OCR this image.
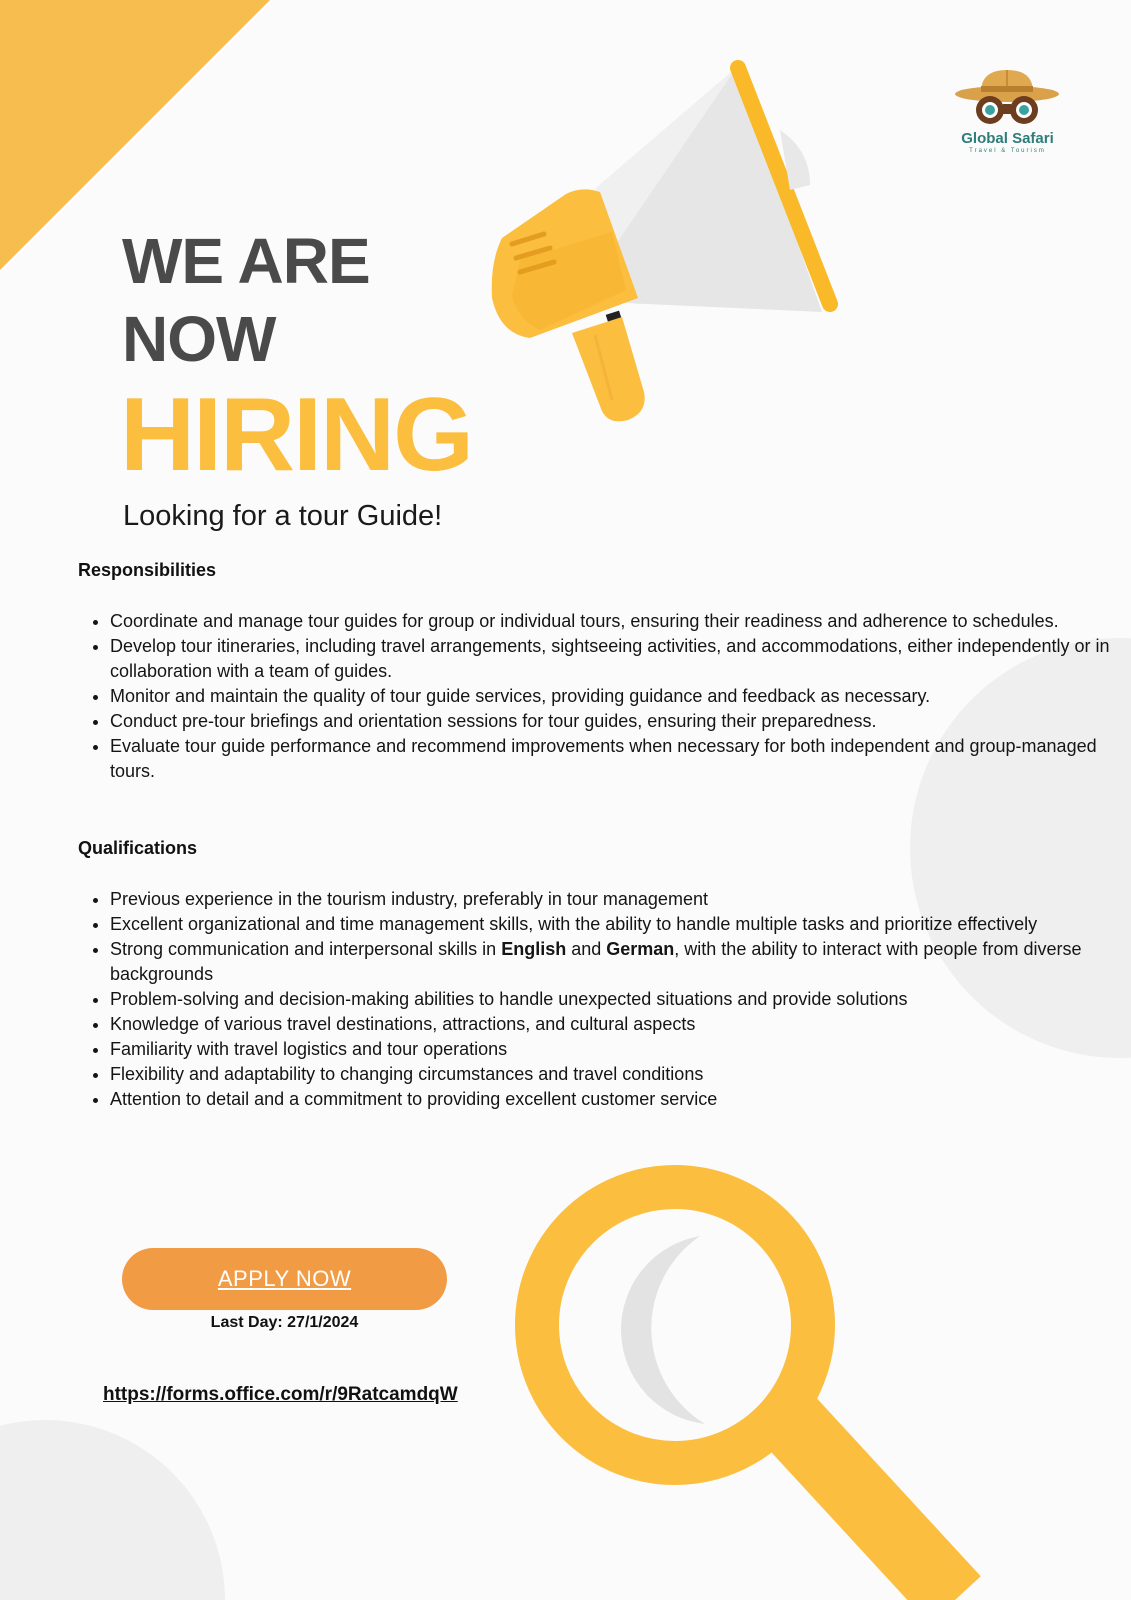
Global Safari
Travel & Tourism
WE ARE
NOW
HIRING
Looking for a tour Guide!
Responsibilities
• Coordinate and manage tour guides for group or individual tours, ensuring their readiness and adherence to schedules.
• Develop tour itineraries, including travel arrangements, sightseeing activities, and accommodations, either independently or in collaboration with a team of guides.
• Monitor and maintain the quality of tour guide services, providing guidance and feedback as necessary.
• Conduct pre-tour briefings and orientation sessions for tour guides, ensuring their preparedness.
• Evaluate tour guide performance and recommend improvements when necessary for both independent and group-managed tours.
Qualifications
• Previous experience in the tourism industry, preferably in tour management
• Excellent organizational and time management skills, with the ability to handle multiple tasks and prioritize effectively
• Strong communication and interpersonal skills in English and German, with the ability to interact with people from diverse backgrounds
• Problem-solving and decision-making abilities to handle unexpected situations and provide solutions
• Knowledge of various travel destinations, attractions, and cultural aspects
• Familiarity with travel logistics and tour operations
• Flexibility and adaptability to changing circumstances and travel conditions
• Attention to detail and a commitment to providing excellent customer service
APPLY NOW
Last Day: 27/1/2024
https://forms.office.com/r/9RatcamdqW
